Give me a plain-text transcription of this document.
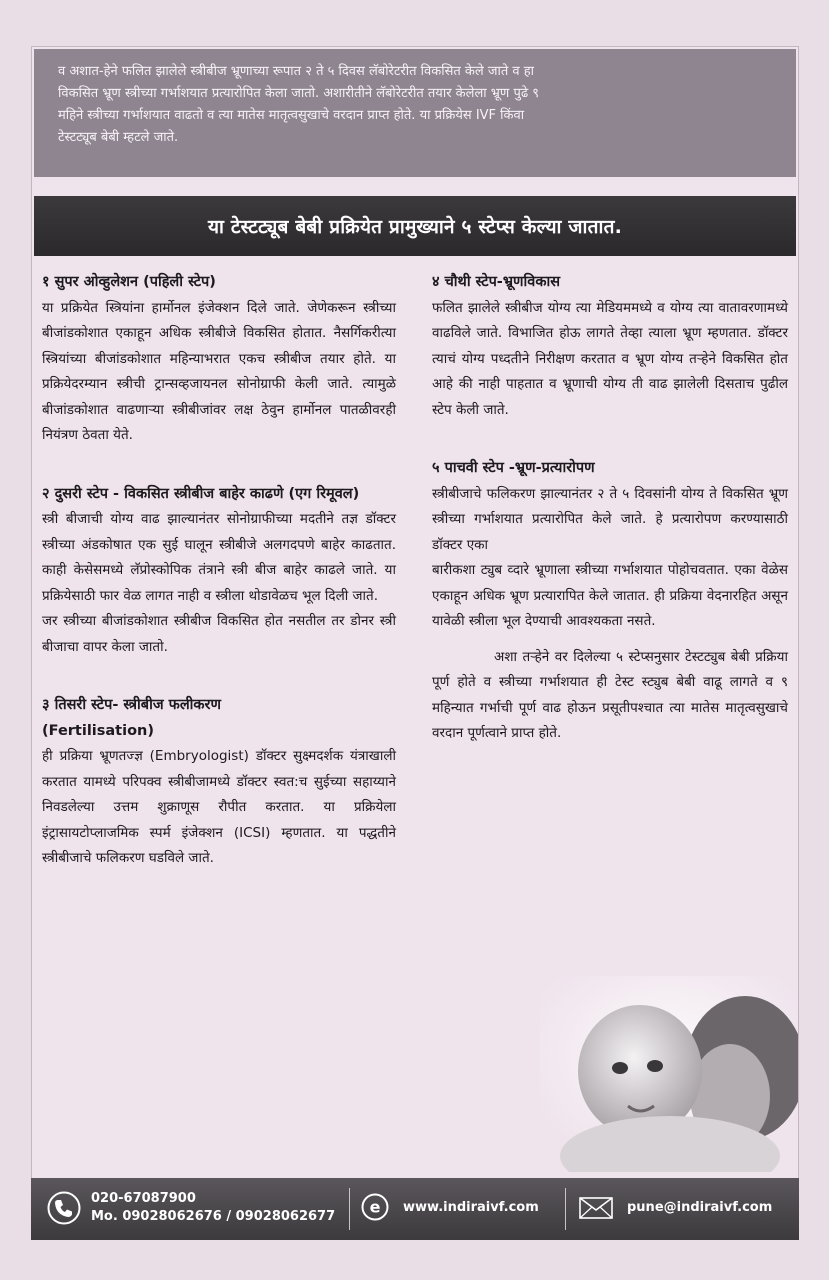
व अशात-हेने फलित झालेले स्त्रीबीज भ्रूणाच्या रूपात २ ते ५ दिवस लॅबोरेटरीत विकसित केले जाते व हा
विकसित भ्रूण स्त्रीच्या गर्भाशयात प्रत्यारोपित केला जातो. अशारीतीने लॅबोरेटरीत तयार केलेला भ्रूण पुढे ९
महिने स्त्रीच्या गर्भाशयात वाढतो व त्या मातेस मातृत्वसुखाचे वरदान प्राप्त होते. या प्रक्रियेस IVF किंवा
टेस्टट्यूब बेबी म्हटले जाते.
या टेस्टट्यूब बेबी प्रक्रियेत प्रामुख्याने ५ स्टेप्स केल्या जातात.

१ सुपर ओव्हुलेशन (पहिली स्टेप)

या प्रक्रियेत स्त्रियांना हार्मोनल इंजेक्शन दिले जाते. जेणेकरून स्त्रीच्या बीजांडकोशात एकाहून अधिक स्त्रीबीजे विकसित होतात. नैसर्गिकरीत्या स्त्रियांच्या बीजांडकोशात महिन्याभरात एकच स्त्रीबीज तयार होते. या प्रक्रियेदरम्यान स्त्रीची ट्रान्सव्हजायनल सोनोग्राफी केली जाते. त्यामुळे बीजांडकोशात वाढणाऱ्या स्त्रीबीजांवर लक्ष ठेवुन हार्मोनल पातळीवरही नियंत्रण ठेवता येते.

२ दुसरी स्टेप - विकसित स्त्रीबीज बाहेर काढणे (एग रिमूवल)

स्त्री बीजाची योग्य वाढ झाल्यानंतर सोनोग्राफीच्या मदतीने तज्ञ डॉक्टर स्त्रीच्या अंडकोषात एक सुई घालून स्त्रीबीजे अलगदपणे बाहेर काढतात. काही केसेसमध्ये लॅप्रोस्कोपिक तंत्राने स्त्री बीज बाहेर काढले जाते. या प्रक्रियेसाठी फार वेळ लागत नाही व स्त्रीला थोडावेळच भूल दिली जाते.

जर स्त्रीच्या बीजांडकोशात स्त्रीबीज विकसित होत नसतील तर डोनर स्त्री बीजाचा वापर केला जातो.

३ तिसरी स्टेप- स्त्रीबीज फलीकरण

(Fertilisation)

ही प्रक्रिया भ्रूणतज्ज्ञ (Embryologist) डॉक्टर सुक्ष्मदर्शक यंत्राखाली करतात यामध्ये परिपक्व स्त्रीबीजामध्ये डॉक्टर स्वत:च सुईच्या सहाय्याने निवडलेल्या उत्तम शुक्राणूस रौपीत करतात. या प्रक्रियेला इंट्रासायटोप्लाजमिक स्पर्म इंजेक्शन (ICSI) म्हणतात. या पद्धतीने स्त्रीबीजाचे फलिकरण घडविले जाते.

४ चौथी स्टेप-भ्रूणविकास

फलित झालेले स्त्रीबीज योग्य त्या मेडियममध्ये व योग्य त्या वातावरणामध्ये वाढविले जाते. विभाजित होऊ लागते तेव्हा त्याला भ्रूण म्हणतात. डॉक्टर त्याचं योग्य पध्दतीने निरीक्षण करतात व भ्रूण योग्य तऱ्हेने विकसित होत आहे की नाही पाहतात व भ्रूणाची योग्य ती वाढ झालेली दिसताच पुढील स्टेप केली जाते.

५ पाचवी स्टेप -भ्रूण-प्रत्यारोपण

स्त्रीबीजाचे फलिकरण झाल्यानंतर २ ते ५ दिवसांनी योग्य ते विकसित भ्रूण स्त्रीच्या गर्भाशयात प्रत्यारोपित केले जाते. हे प्रत्यारोपण करण्यासाठी डॉक्टर एका

बारीकशा ट्युब व्दारे भ्रूणाला स्त्रीच्या गर्भाशयात पोहोचवतात. एका वेळेस एकाहून अधिक भ्रूण प्रत्यारापित केले जातात. ही प्रक्रिया वेदनारहित असून यावेळी स्त्रीला भूल देण्याची आवश्यकता नसते.

अशा तऱ्हेने वर दिलेल्या ५ स्टेप्सनुसार टेस्टट्युब बेबी प्रक्रिया पूर्ण होते व स्त्रीच्या गर्भाशयात ही टेस्ट स्ट्युब बेबी वाढू लागते व ९ महिन्यात गर्भाची पूर्ण वाढ होऊन प्रसूतीपश्चात त्या मातेस मातृत्वसुखाचे वरदान पूर्णत्वाने प्राप्त होते.

020-67087900
Mo. 09028062676 / 09028062677 e www.indiraivf.com	pune@indiraivf.com
